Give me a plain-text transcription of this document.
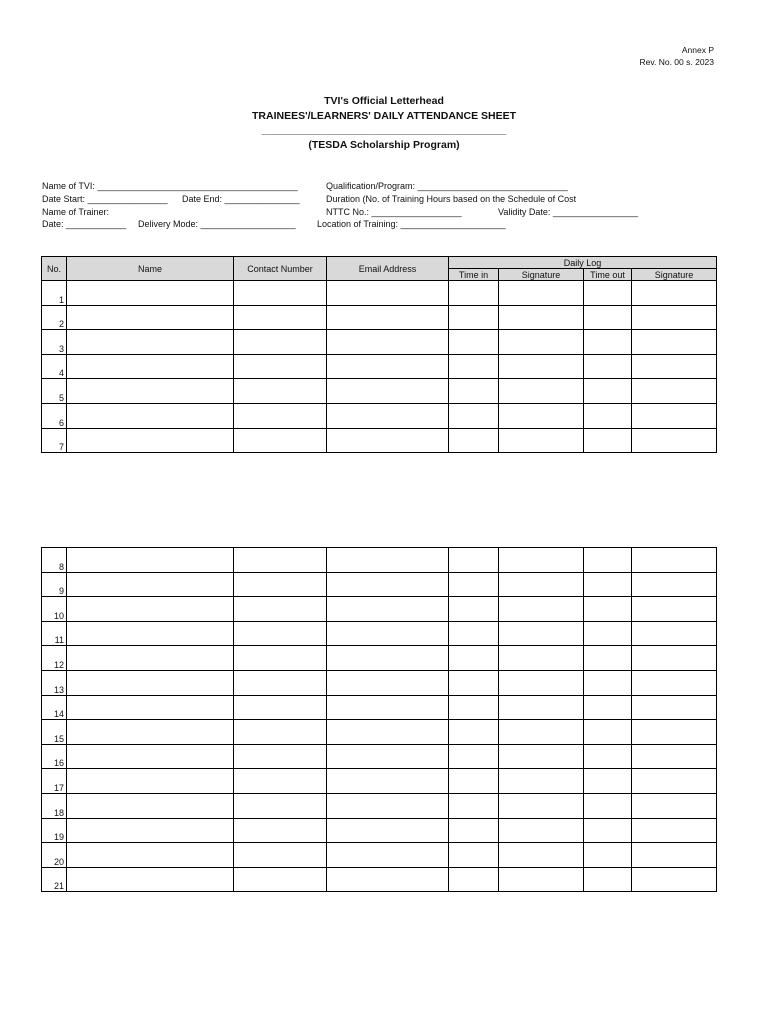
Annex P
Rev. No. 00 s. 2023
TVI's Official Letterhead
TRAINEES'/LEARNERS' DAILY ATTENDANCE SHEET
____________________________________________
(TESDA Scholarship Program)
Name of TVI: ________________________________________
Date Start: ________________ Date End: _______________
Name of Trainer:
Date: ____________ Delivery Mode: ___________________
Qualification/Program: ______________________________
Duration (No. of Training Hours based on the Schedule of Cost
NTTC No.: __________________	Validity Date: _________________
Location of Training: _____________________
No.	Name	Contact Number	Email Address	Daily Log			
				Time in	Signature	Time out	Signature
1							
2							
3							
4							
5							
6							
7							
8							
9							
10							
11							
12							
13							
14							
15							
16							
17							
18							
19							
20							
21							
